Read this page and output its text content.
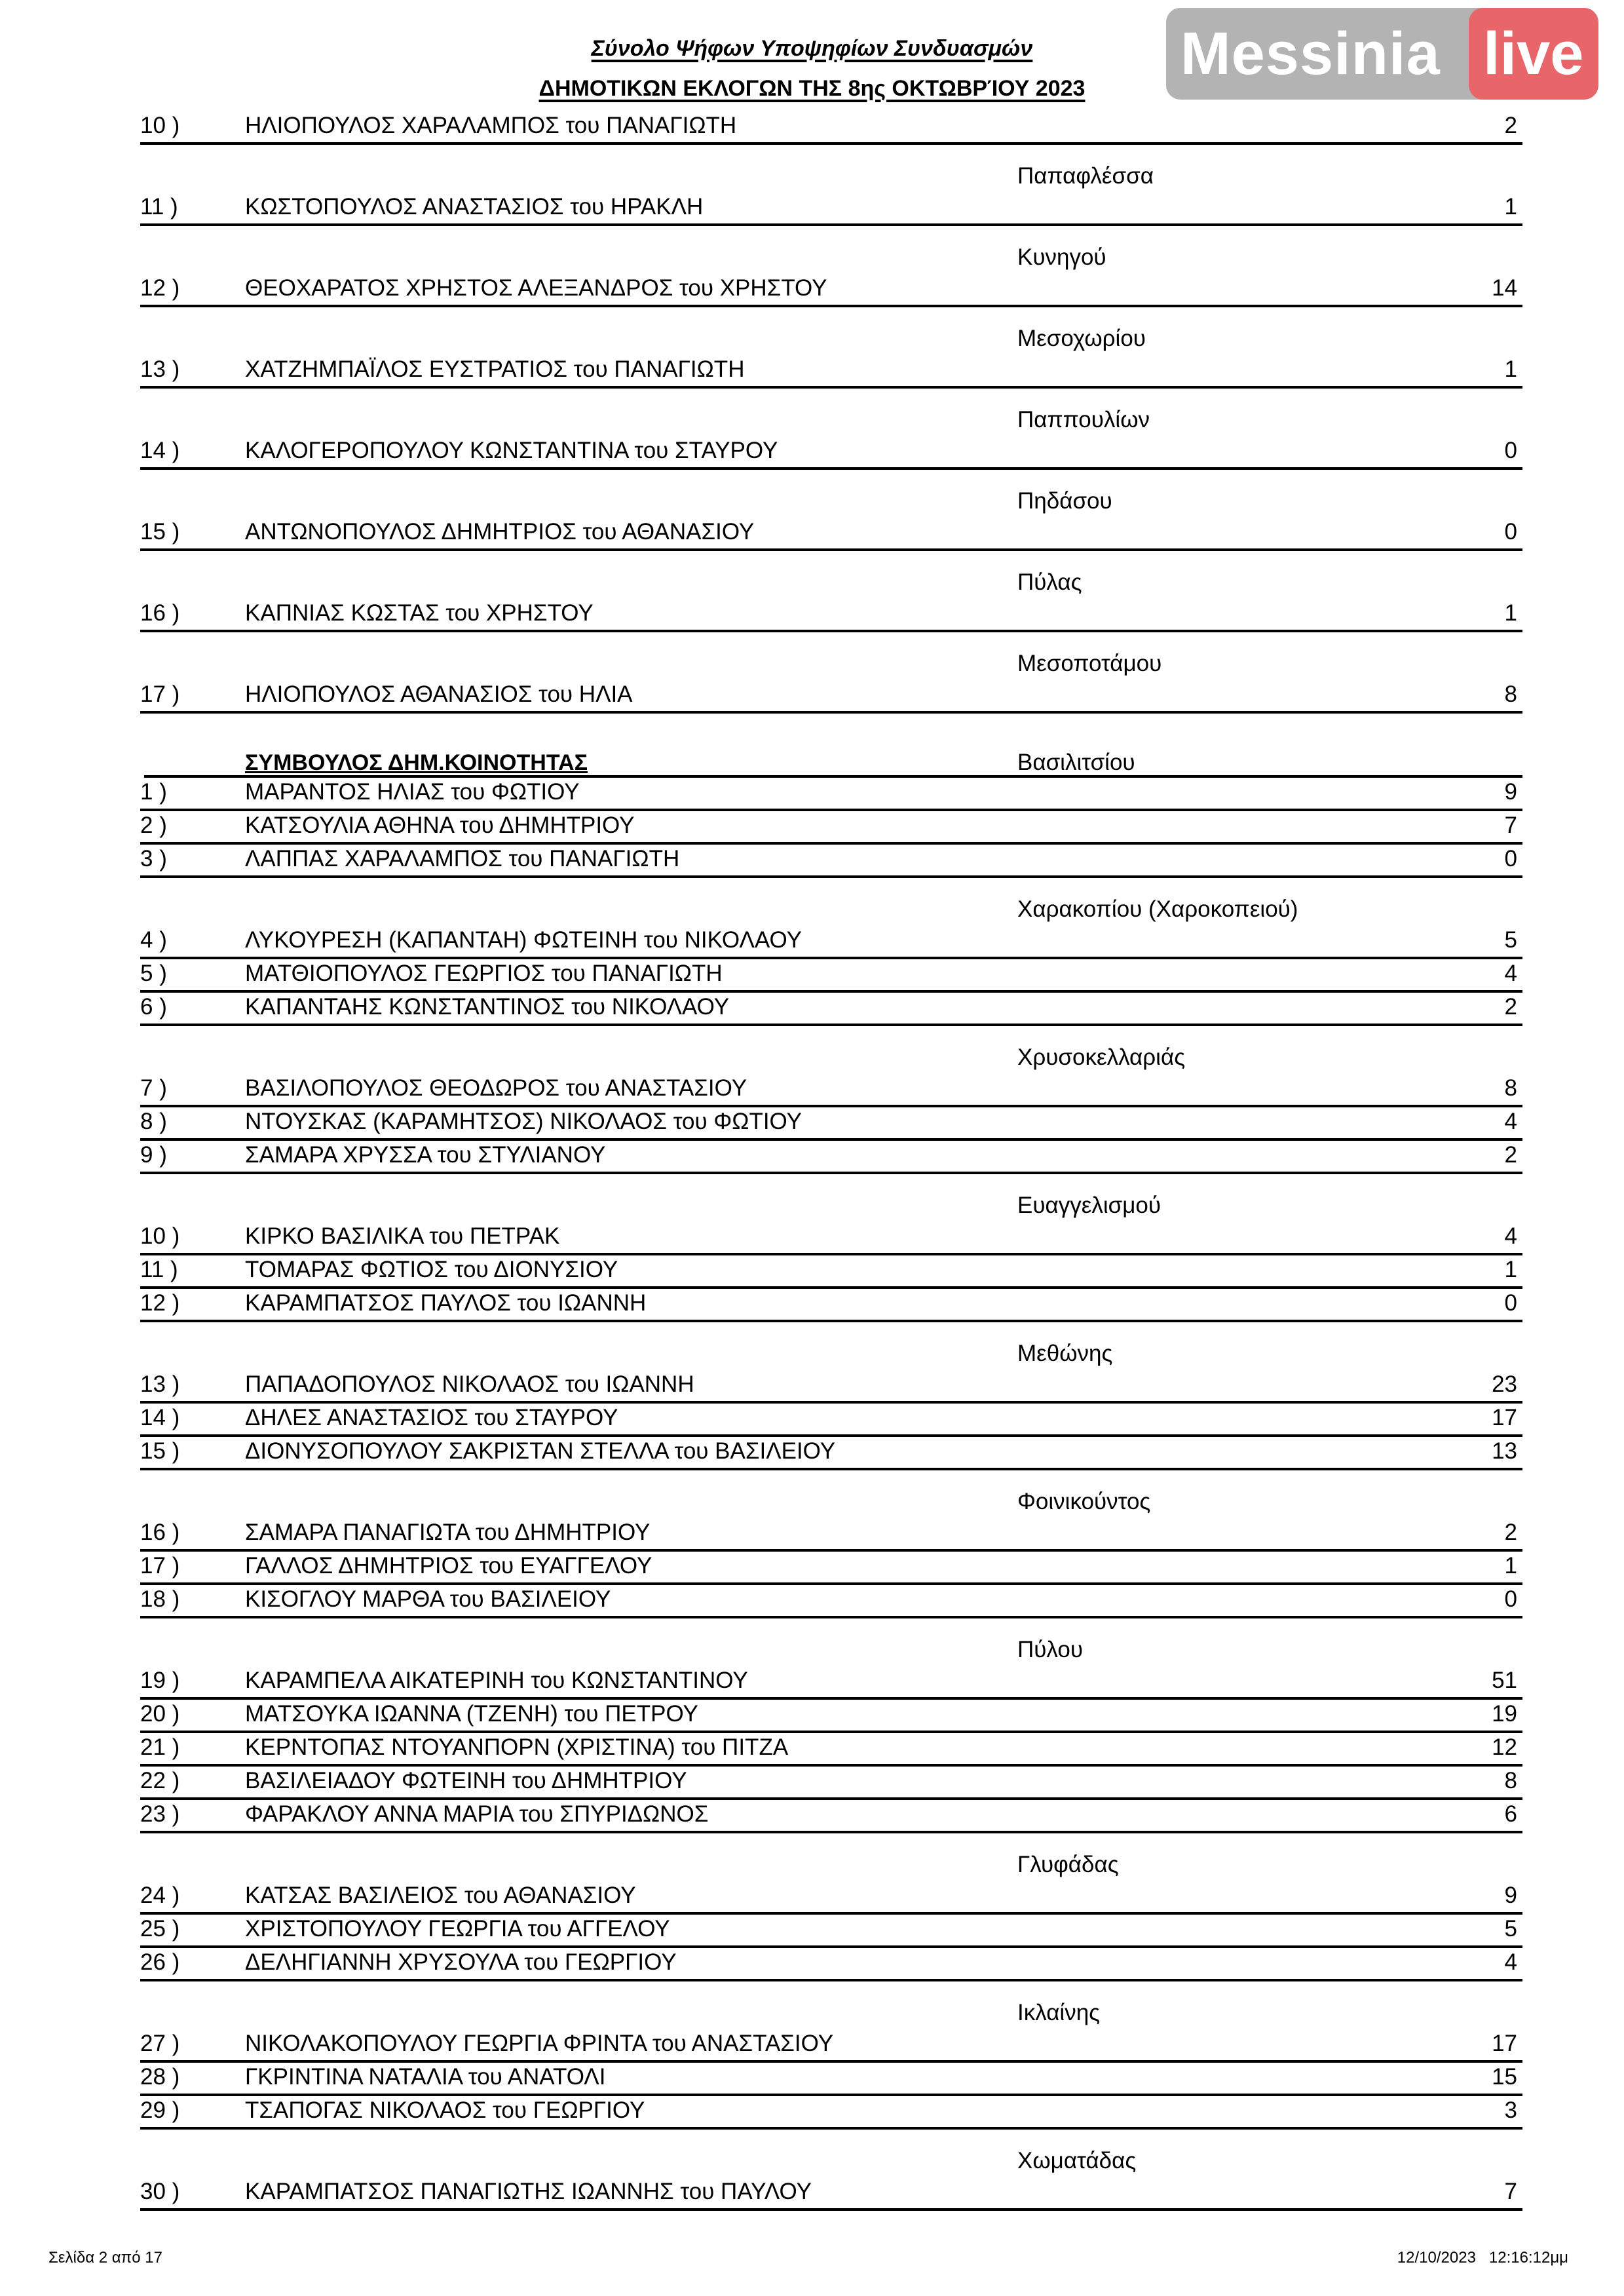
Σύνολο Ψήφων Υποψηφίων Συνδυασμών
ΔΗΜΟΤΙΚΩΝ ΕΚΛΟΓΩΝ ΤΗΣ 8ης ΟΚΤΩΒΡΊΟΥ 2023
10 )	ΗΛΙΟΠΟΥΛΟΣ ΧΑΡΑΛΑΜΠΟΣ του ΠΑΝΑΓΙΩΤΗ	2
Παπαφλέσσα
11 )	ΚΩΣΤΟΠΟΥΛΟΣ ΑΝΑΣΤΑΣΙΟΣ του ΗΡΑΚΛΗ	1
Κυνηγού
12 )	ΘΕΟΧΑΡΑΤΟΣ ΧΡΗΣΤΟΣ ΑΛΕΞΑΝΔΡΟΣ του ΧΡΗΣΤΟΥ	14
Μεσοχωρίου
13 )	ΧΑΤΖΗΜΠΑΪΛΟΣ ΕΥΣΤΡΑΤΙΟΣ του ΠΑΝΑΓΙΩΤΗ	1
Παππουλίων
14 )	ΚΑΛΟΓΕΡΟΠΟΥΛΟΥ ΚΩΝΣΤΑΝΤΙΝΑ του ΣΤΑΥΡΟΥ	0
Πηδάσου
15 )	ΑΝΤΩΝΟΠΟΥΛΟΣ ΔΗΜΗΤΡΙΟΣ του ΑΘΑΝΑΣΙΟΥ	0
Πύλας
16 )	ΚΑΠΝΙΑΣ ΚΩΣΤΑΣ του ΧΡΗΣΤΟΥ	1
Μεσοποτάμου
17 )	ΗΛΙΟΠΟΥΛΟΣ ΑΘΑΝΑΣΙΟΣ του ΗΛΙΑ	8
ΣΥΜΒΟΥΛΟΣ ΔΗΜ.ΚΟΙΝΟΤΗΤΑΣ	Βασιλιτσίου
1 )	ΜΑΡΑΝΤΟΣ ΗΛΙΑΣ του ΦΩΤΙΟΥ	9
2 )	ΚΑΤΣΟΥΛΙΑ ΑΘΗΝΑ του ΔΗΜΗΤΡΙΟΥ	7
3 )	ΛΑΠΠΑΣ ΧΑΡΑΛΑΜΠΟΣ του ΠΑΝΑΓΙΩΤΗ	0
Χαρακοπίου (Χαροκοπειού)
4 )	ΛΥΚΟΥΡΕΣΗ (ΚΑΠΑΝΤΑΗ) ΦΩΤΕΙΝΗ του ΝΙΚΟΛΑΟΥ	5
5 )	ΜΑΤΘΙΟΠΟΥΛΟΣ ΓΕΩΡΓΙΟΣ του ΠΑΝΑΓΙΩΤΗ	4
6 )	ΚΑΠΑΝΤΑΗΣ ΚΩΝΣΤΑΝΤΙΝΟΣ του ΝΙΚΟΛΑΟΥ	2
Χρυσοκελλαριάς
7 )	ΒΑΣΙΛΟΠΟΥΛΟΣ ΘΕΟΔΩΡΟΣ του ΑΝΑΣΤΑΣΙΟΥ	8
8 )	ΝΤΟΥΣΚΑΣ (ΚΑΡΑΜΗΤΣΟΣ) ΝΙΚΟΛΑΟΣ του ΦΩΤΙΟΥ	4
9 )	ΣΑΜΑΡΑ ΧΡΥΣΣΑ του ΣΤΥΛΙΑΝΟΥ	2
Ευαγγελισμού
10 )	ΚΙΡΚΟ ΒΑΣΙΛΙΚΑ του ΠΕΤΡΑΚ	4
11 )	ΤΟΜΑΡΑΣ ΦΩΤΙΟΣ του ΔΙΟΝΥΣΙΟΥ	1
12 )	ΚΑΡΑΜΠΑΤΣΟΣ ΠΑΥΛΟΣ του ΙΩΑΝΝΗ	0
Μεθώνης
13 )	ΠΑΠΑΔΟΠΟΥΛΟΣ ΝΙΚΟΛΑΟΣ του ΙΩΑΝΝΗ	23
14 )	ΔΗΛΕΣ ΑΝΑΣΤΑΣΙΟΣ του ΣΤΑΥΡΟΥ	17
15 )	ΔΙΟΝΥΣΟΠΟΥΛΟΥ ΣΑΚΡΙΣΤΑΝ ΣΤΕΛΛΑ του ΒΑΣΙΛΕΙΟΥ	13
Φοινικούντος
16 )	ΣΑΜΑΡΑ ΠΑΝΑΓΙΩΤΑ του ΔΗΜΗΤΡΙΟΥ	2
17 )	ΓΑΛΛΟΣ ΔΗΜΗΤΡΙΟΣ του ΕΥΑΓΓΕΛΟΥ	1
18 )	ΚΙΣΟΓΛΟΥ ΜΑΡΘΑ του ΒΑΣΙΛΕΙΟΥ	0
Πύλου
19 )	ΚΑΡΑΜΠΕΛΑ ΑΙΚΑΤΕΡΙΝΗ του ΚΩΝΣΤΑΝΤΙΝΟΥ	51
20 )	ΜΑΤΣΟΥΚΑ ΙΩΑΝΝΑ (ΤΖΕΝΗ) του ΠΕΤΡΟΥ	19
21 )	ΚΕΡΝΤΟΠΑΣ ΝΤΟΥΑΝΠΟΡΝ (ΧΡΙΣΤΙΝΑ) του ΠΙΤΖΑ	12
22 )	ΒΑΣΙΛΕΙΑΔΟΥ ΦΩΤΕΙΝΗ του ΔΗΜΗΤΡΙΟΥ	8
23 )	ΦΑΡΑΚΛΟΥ ΑΝΝΑ ΜΑΡΙΑ του ΣΠΥΡΙΔΩΝΟΣ	6
Γλυφάδας
24 )	ΚΑΤΣΑΣ ΒΑΣΙΛΕΙΟΣ του ΑΘΑΝΑΣΙΟΥ	9
25 )	ΧΡΙΣΤΟΠΟΥΛΟΥ ΓΕΩΡΓΙΑ του ΑΓΓΕΛΟΥ	5
26 )	ΔΕΛΗΓΙΑΝΝΗ ΧΡΥΣΟΥΛΑ του ΓΕΩΡΓΙΟΥ	4
Ικλαίνης
27 )	ΝΙΚΟΛΑΚΟΠΟΥΛΟΥ ΓΕΩΡΓΙΑ ΦΡΙΝΤΑ του ΑΝΑΣΤΑΣΙΟΥ	17
28 )	ΓΚΡΙΝΤΙΝΑ ΝΑΤΑΛΙΑ του ΑΝΑΤΟΛΙ	15
29 )	ΤΣΑΠΟΓΑΣ ΝΙΚΟΛΑΟΣ του ΓΕΩΡΓΙΟΥ	3
Χωματάδας
30 )	ΚΑΡΑΜΠΑΤΣΟΣ ΠΑΝΑΓΙΩΤΗΣ ΙΩΑΝΝΗΣ του ΠΑΥΛΟΥ	7
Messinia live
Σελίδα 2 από 17	12/10/2023   12:16:12μμ
